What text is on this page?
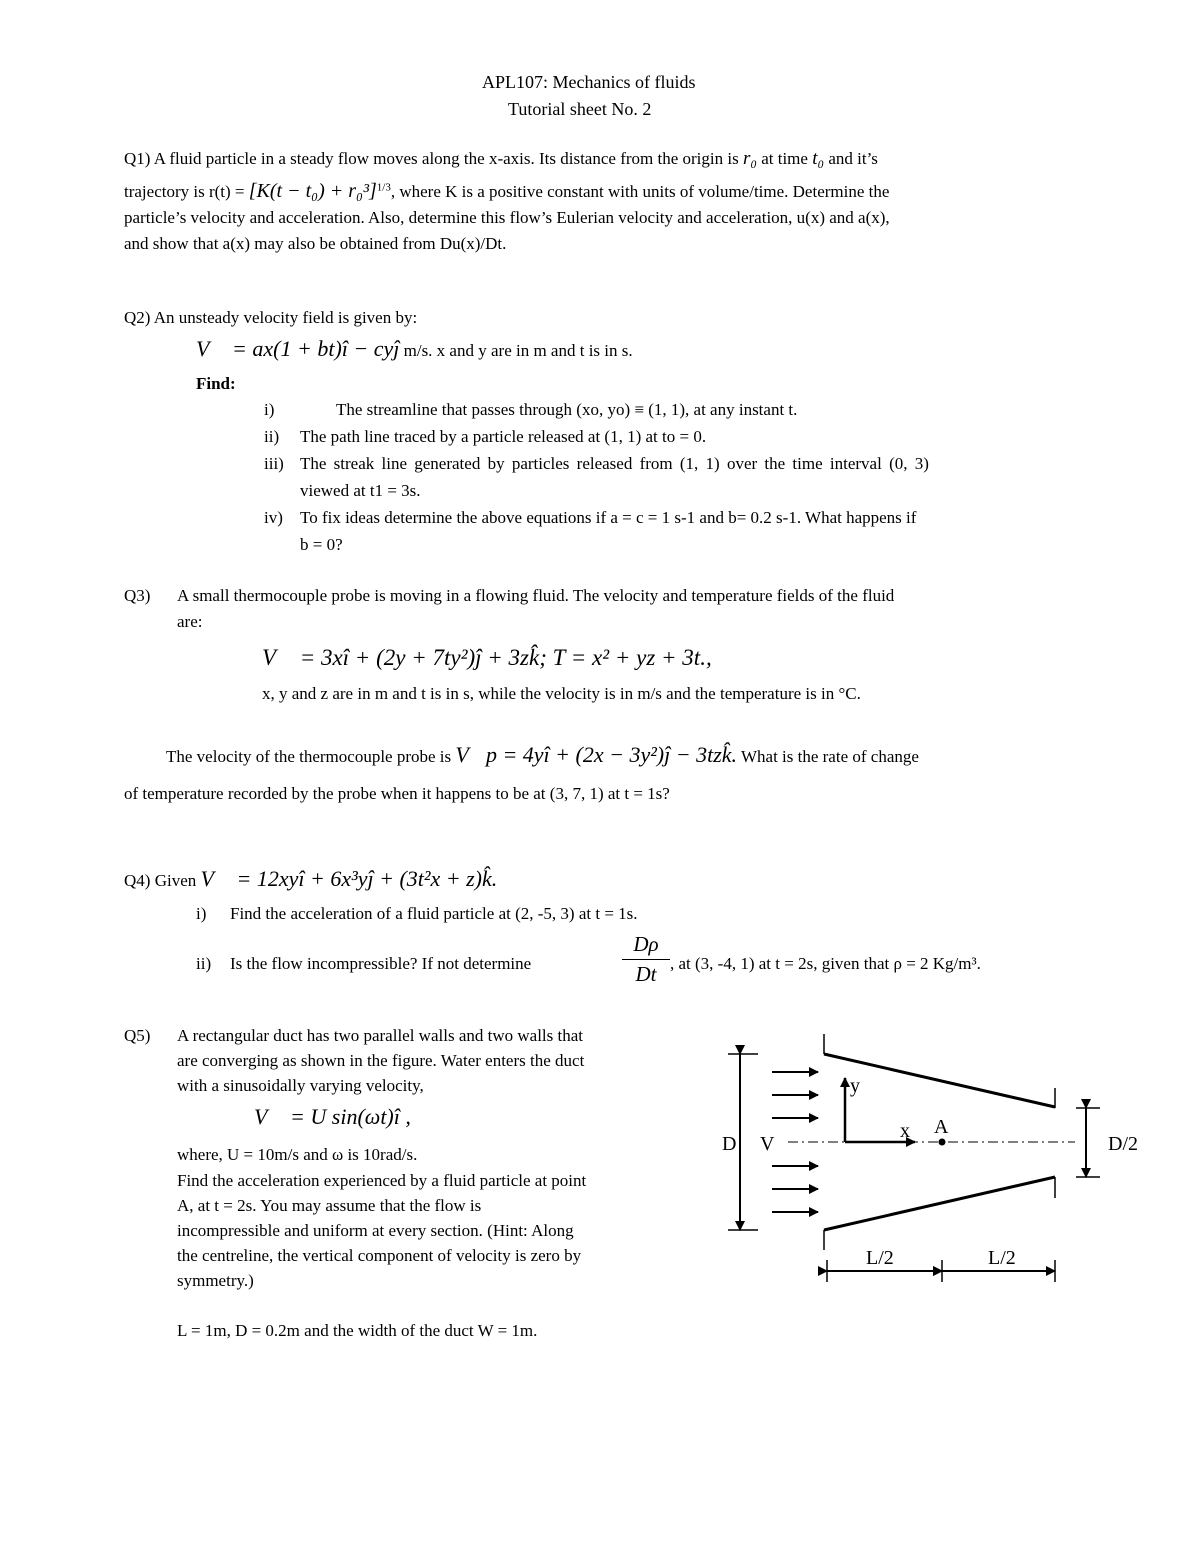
APL107: Mechanics of fluids
Tutorial sheet No. 2
Q1) A fluid particle in a steady flow moves along the x-axis. Its distance from the origin is r₀ at time t₀ and it’s
trajectory is $r(t) = [K(t - t_0) + r_0^3]^{1/3}$, where K is a positive constant with units of volume/time. Determine the
particle’s velocity and acceleration. Also, determine this flow’s Eulerian velocity and acceleration, u(x) and a(x),
and show that a(x) may also be obtained from Du(x)/Dt.
Q2) An unsteady velocity field is given by:
V⃗ = ax(1 + bt)î − cyĵ m/s. x and y are in m and t is in s.
Find:
i)	The streamline that passes through (xo, yo) ≡ (1, 1), at any instant t.
ii) The path line traced by a particle released at (1, 1) at to = 0.
iii) The streak line generated by particles released from (1, 1) over the time interval (0, 3)
viewed at t1 = 3s.
iv) To fix ideas determine the above equations if a = c = 1 s-1 and b= 0.2 s-1. What happens if
b = 0?
Q3) A small thermocouple probe is moving in a flowing fluid. The velocity and temperature fields of the fluid
are:
V⃗ = 3xî + (2y + 7ty²)ĵ + 3zk̂; T = x² + yz + 3t.,
x, y and z are in m and t is in s, while the velocity is in m/s and the temperature is in °C.
The velocity of the thermocouple probe is V⃗p = 4yî + (2x − 3y²)ĵ − 3tzk̂. What is the rate of change
of temperature recorded by the probe when it happens to be at (3, 7, 1) at t = 1s?
Q4) Given V⃗ = 12xyî + 6x³yĵ + (3t²x + z)k̂.
i) Find the acceleration of a fluid particle at (2, -5, 3) at t = 1s.
ii) Is the flow incompressible? If not determine	$\frac{D\rho}{Dt}$ , at (3, -4, 1) at t = 2s, given that ρ = 2 Kg/m³.
Q5) A rectangular duct has two parallel walls and two walls that
are converging as shown in the figure. Water enters the duct
with a sinusoidally varying velocity,
V⃗ = U sin(ωt)î ,
where, U = 10m/s and ω is 10rad/s.
Find the acceleration experienced by a fluid particle at point
A, at t = 2s. You may assume that the flow is
incompressible and uniform at every section. (Hint: Along
the centreline, the vertical component of velocity is zero by
symmetry.)
L = 1m, D = 0.2m and the width of the duct W = 1m.
D V
y
x A
D/2
L/2	L/2
